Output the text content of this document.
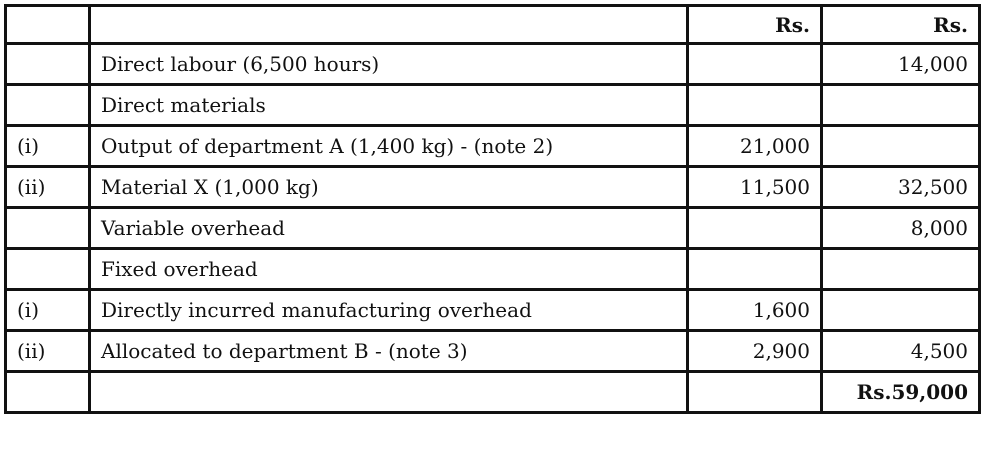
		Rs.	Rs.
	Direct labour (6,500 hours)		14,000
	Direct materials		
(i)	Output of department A (1,400 kg) - (note 2)	21,000	
(ii)	Material X (1,000 kg)	11,500	32,500
	Variable overhead		8,000
	Fixed overhead		
(i)	Directly incurred manufacturing overhead	1,600	
(ii)	Allocated to department B - (note 3)	2,900	4,500
			Rs.59,000
